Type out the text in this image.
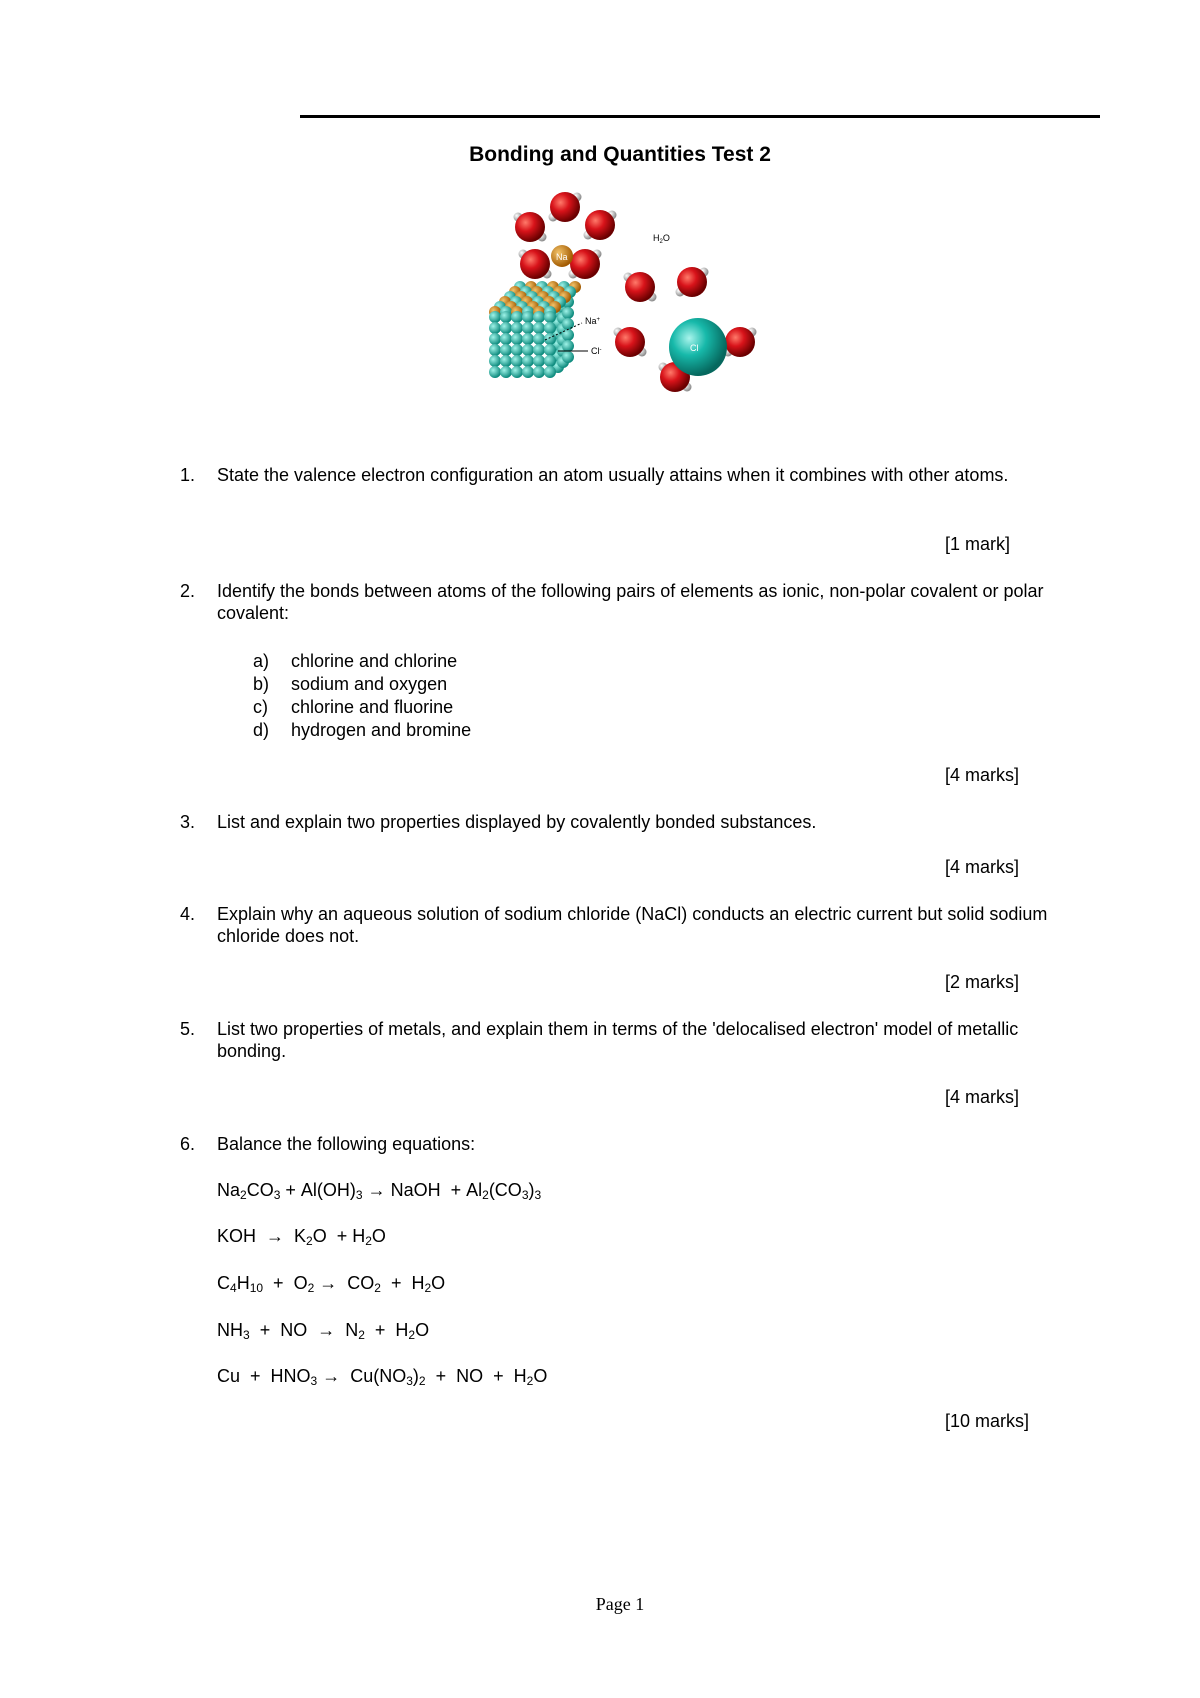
Bonding and Quantities Test 2
Na
Cl
$H_2O$
Na+
Cl-
1. State the valence electron configuration an atom usually attains when it combines with other atoms.
[1 mark]
2. Identify the bonds between atoms of the following pairs of elements as ionic, non-polar covalent or polar covalent:
a) chlorine and chlorine
b) sodium and oxygen
c) chlorine and fluorine
d) hydrogen and bromine
[4 marks]
3. List and explain two properties displayed by covalently bonded substances.
[4 marks]
4. Explain why an aqueous solution of sodium chloride (NaCl) conducts an electric current but solid sodium chloride does not.
[2 marks]
5. List two properties of metals, and explain them in terms of the 'delocalised electron' model of metallic bonding.
[4 marks]
6. Balance the following equations:
$Na_2CO_3 + Al(OH)_3$ → NaOH  + $Al_2(CO_3)_3$
KOH  →  $K_2O + H_2O$
$C_4H_{10} + O_2 \to CO_2 + H_2O$
$NH_3$  +  NO  →  $N_2 + H_2O$
$Cu + HNO_3 \to Cu(NO_3)_2$  +  NO  +  $H_2O$
[10 marks]
Page 1
